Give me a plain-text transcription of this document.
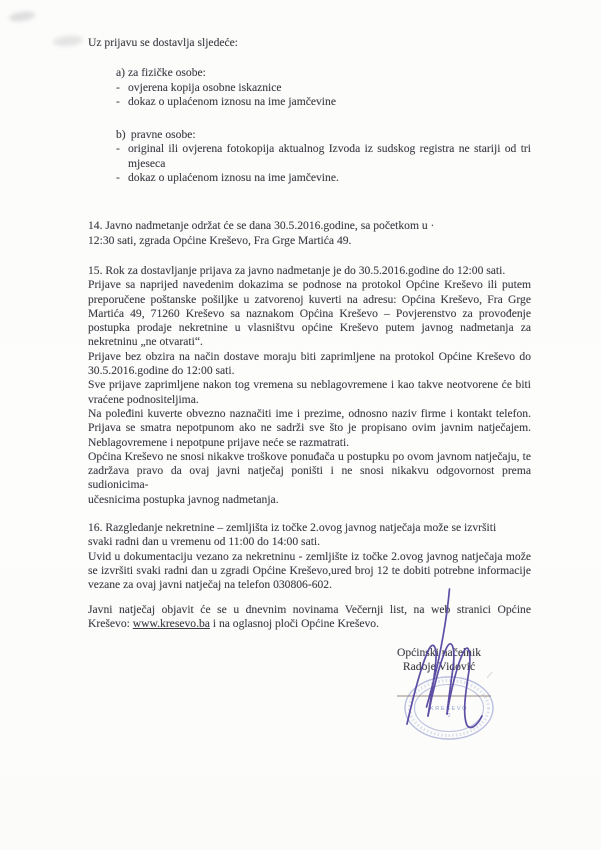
Uz prijavu se dostavlja sljedeće:
a) za fizičke osobe:
- ovjerena kopija osobne iskaznice
- dokaz o uplaćenom iznosu na ime jamčevine
b) pravne osobe:
- original ili ovjerena fotokopija aktualnog Izvoda iz sudskog registra ne stariji od tri
mjeseca
- dokaz o uplaćenom iznosu na ime jamčevine.
14. Javno nadmetanje održat će se dana 30.5.2016.godine, sa početkom u ·
12:30 sati, zgrada Općine Kreševo, Fra Grge Martića 49.
15. Rok za dostavljanje prijava za javno nadmetanje je do 30.5.2016.godine do 12:00 sati.
Prijave sa naprijed navedenim dokazima se podnose na protokol Općine Kreševo ili putem
preporučene poštanske pošiljke u zatvorenoj kuverti na adresu: Općina Kreševo, Fra Grge
Martića 49, 71260 Kreševo sa naznakom Općina Kreševo – Povjerenstvo za provođenje
postupka prodaje nekretnine u vlasništvu općine Kreševo putem javnog nadmetanja za
nekretninu „ne otvarati“.
Prijave bez obzira na način dostave moraju biti zaprimljene na protokol Općine Kreševo do
30.5.2016.godine do 12:00 sati.
Sve prijave zaprimljene nakon tog vremena su neblagovremene i kao takve neotvorene će biti
vraćene podnositeljima.
Na poleđini kuverte obvezno naznačiti ime i prezime, odnosno naziv firme i kontakt telefon.
Prijava se smatra nepotpunom ako ne sadrži sve što je propisano ovim javnim natječajem.
Neblagovremene i nepotpune prijave neće se razmatrati.
Općina Kreševo ne snosi nikakve troškove ponuđača u postupku po ovom javnom natječaju, te
zadržava pravo da ovaj javni natječaj poništi i ne snosi nikakvu odgovornost prema sudionicima-
učesnicima postupka javnog nadmetanja.
16. Razgledanje nekretnine – zemljišta iz točke 2.ovog javnog natječaja može se izvršiti
svaki radni dan u vremenu od 11:00 do 14:00 sati.
Uvid u dokumentaciju vezano za nekretninu - zemljište iz točke 2.ovog javnog natječaja može
se izvršiti svaki radni dan u zgradi Općine Kreševo,ured broj 12 te dobiti potrebne informacije
vezane za ovaj javni natječaj na telefon 030806-602.
Javni natječaj objavit će se u dnevnim novinama Večernji list, na web stranici Općine
Kreševo: www.kresevo.ba i na oglasnoj ploči Općine Kreševo.
Općinski načelnik
Radoje Vidović
KREŠEVO
2
